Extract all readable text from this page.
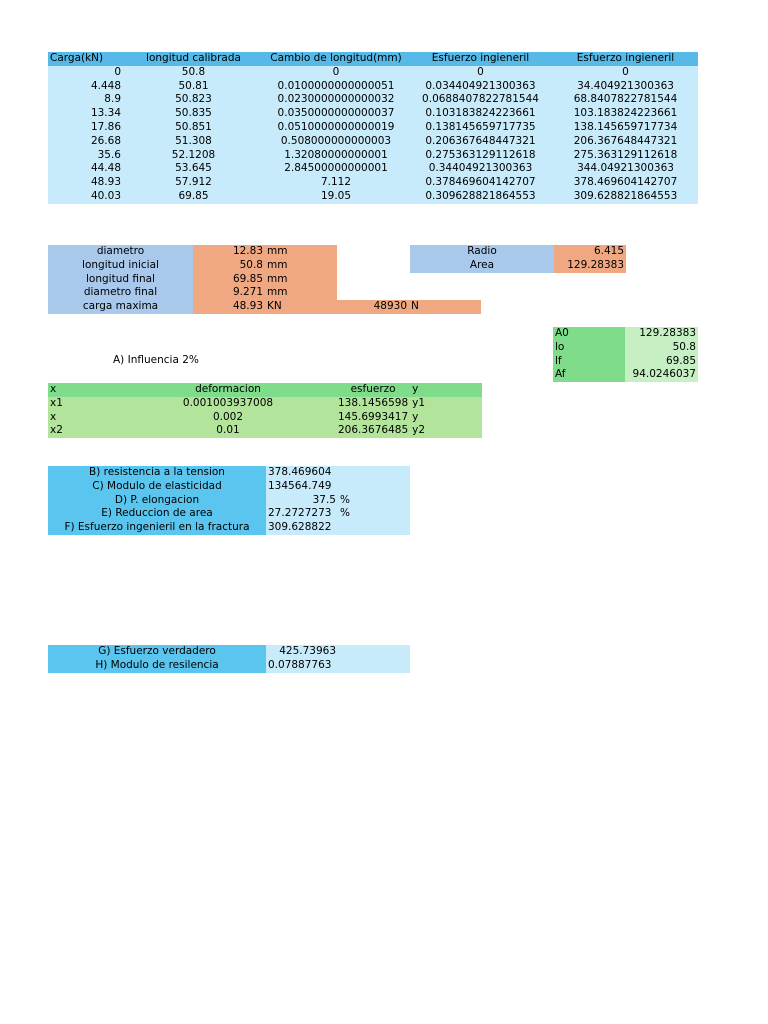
Carga(kN)	longitud calibrada	Cambio de longitud(mm)	Esfuerzo ingieneril	Esfuerzo ingieneril
0	50.8	0	0	0
4.448	50.81	0.0100000000000051	0.034404921300363	34.404921300363
8.9	50.823	0.0230000000000032	0.0688407822781544	68.8407822781544
13.34	50.835	0.0350000000000037	0.103183824223661	103.183824223661
17.86	50.851	0.0510000000000019	0.138145659717735	138.145659717734
26.68	51.308	0.508000000000003	0.206367648447321	206.367648447321
35.6	52.1208	1.32080000000001	0.275363129112618	275.363129112618
44.48	53.645	2.84500000000001	0.34404921300363	344.04921300363
48.93	57.912	7.112	0.378469604142707	378.469604142707
40.03	69.85	19.05	0.309628821864553	309.628821864553
diametro	12.83	mm		
longitud inicial	50.8	mm		
longitud final	69.85	mm		
diametro final	9.271	mm		
carga maxima	48.93	KN	48930	N
Radio	6.415
Area	129.28383
A0	129.28383
lo	50.8
lf	69.85
Af	94.0246037
A) Influencia 2%
x	deformacion	esfuerzo	y
x1	0.001003937008	138.1456598	y1
x	0.002	145.6993417	y
x2	0.01	206.3676485	y2
B) resistencia a la tension	378.469604	
C) Modulo de elasticidad	134564.749	
D) P. elongacion	37.5	%
E) Reduccion de area	27.2727273	%
F) Esfuerzo ingenieril en la fractura	309.628822	
G) Esfuerzo verdadero	425.73963	
H) Modulo de resilencia	0.07887763	
